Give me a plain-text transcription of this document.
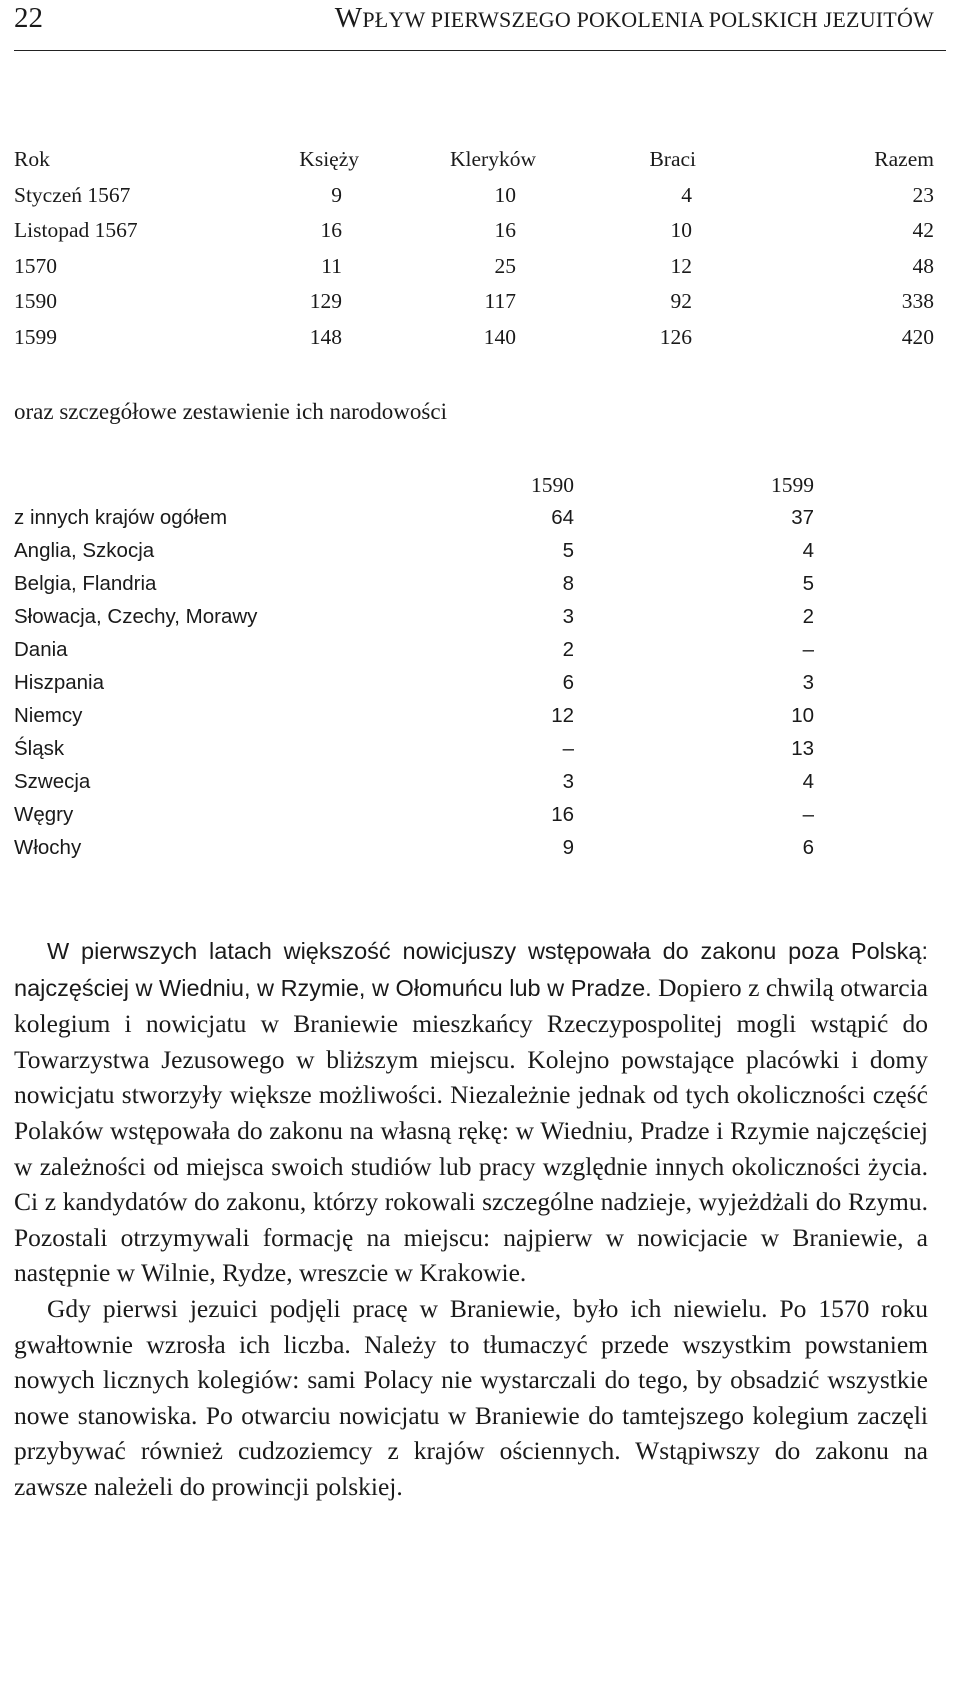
22	WPŁYW PIERWSZEGO POKOLENIA POLSKICH JEZUITÓW
Rok	Księży	Kleryków	Braci	Razem
Styczeń 1567	9	10	4	23
Listopad 1567	16	16	10	42
1570	11	25	12	48
1590	129	117	92	338
1599	148	140	126	420
oraz szczegółowe zestawienie ich narodowości
1590	1599
z innych krajów ogółem	64	37
Anglia, Szkocja	5	4
Belgia, Flandria	8	5
Słowacja, Czechy, Morawy	3	2
Dania	2	–
Hiszpania	6	3
Niemcy	12	10
Śląsk	–	13
Szwecja	3	4
Węgry	16	–
Włochy	9	6

W pierwszych latach większość nowicjuszy wstępowała do zakonu poza Polską: najczęściej w Wiedniu, w Rzymie, w Ołomuńcu lub w Pradze. Dopiero z chwilą otwarcia kolegium i nowicjatu w Braniewie mieszkańcy Rzeczypospolitej mogli wstąpić do Towarzystwa Jezusowego w bliższym miejscu. Kolejno powstające placówki i domy nowicjatu stworzyły większe możliwości. Niezależnie jednak od tych okoliczności część Polaków wstępowała do zakonu na własną rękę: w Wiedniu, Pradze i Rzymie najczęściej w zależności od miejsca swoich studiów lub pracy względnie innych okoliczności życia. Ci z kandydatów do zakonu, którzy rokowali szczególne nadzieje, wyjeżdżali do Rzymu. Pozostali otrzymywali formację na miejscu: najpierw w nowicjacie w Braniewie, a następnie w Wilnie, Rydze, wreszcie w Krakowie.

Gdy pierwsi jezuici podjęli pracę w Braniewie, było ich niewielu. Po 1570 roku gwałtownie wzrosła ich liczba. Należy to tłumaczyć przede wszystkim powstaniem nowych licznych kolegiów: sami Polacy nie wystarczali do tego, by obsadzić wszystkie nowe stanowiska. Po otwarciu nowicjatu w Braniewie do tamtejszego kolegium zaczęli przybywać również cudzoziemcy z krajów ościennych. Wstąpiwszy do zakonu na zawsze należeli do prowincji polskiej.
